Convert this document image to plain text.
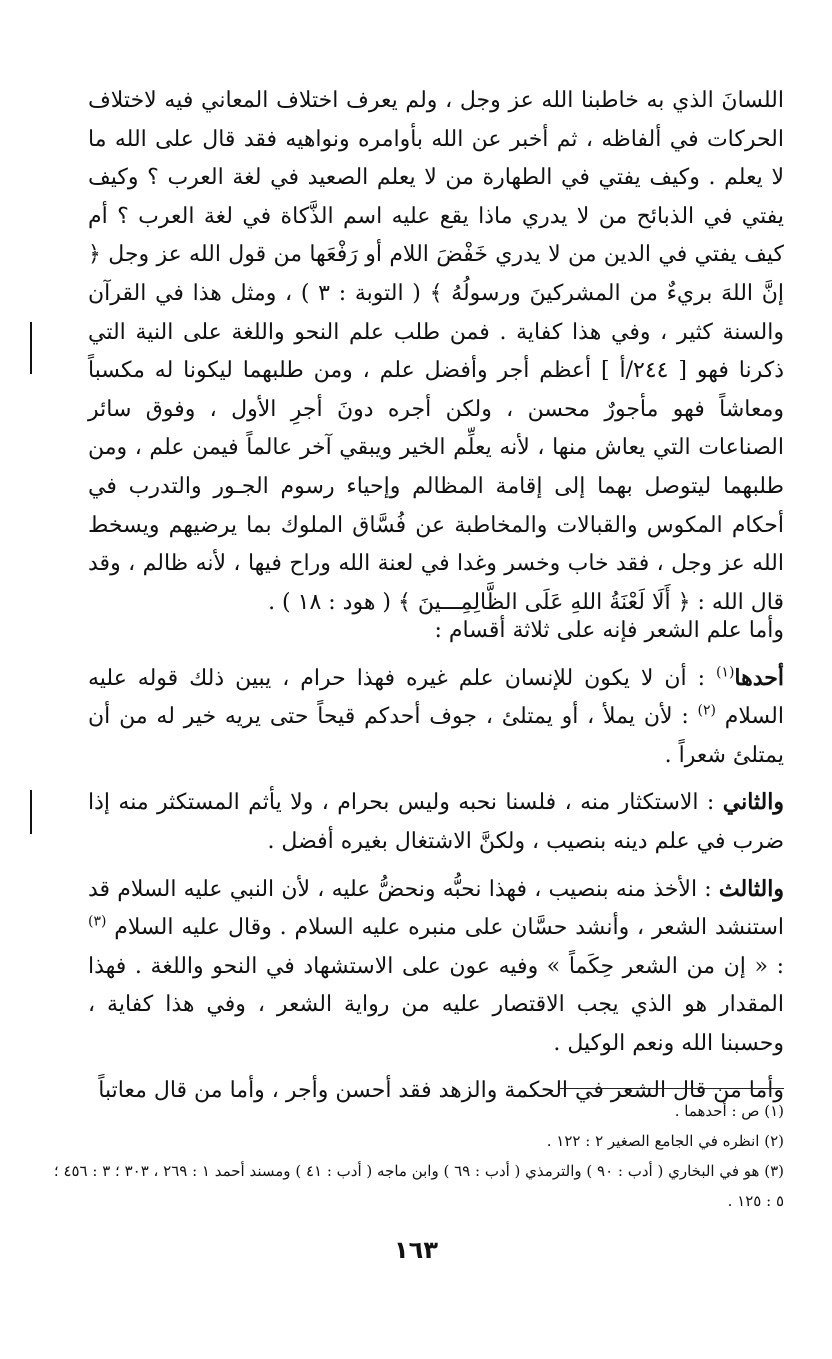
اللسانَ الذي به خاطبنا الله عز وجل ، ولم يعرف اختلاف المعاني فيه لاختلاف الحركات في ألفاظه ، ثم أخبر عن الله بأوامره ونواهيه فقد قال على الله ما لا يعلم . وكيف يفتي في الطهارة من لا يعلم الصعيد في لغة العرب ؟ وكيف يفتي في الذبائح من لا يدري ماذا يقع عليه اسم الذَّكاة في لغة العرب ؟ أم كيف يفتي في الدين من لا يدري خَفْضَ اللام أو رَفْعَها من قول الله عز وجل ﴿ إنَّ اللهَ بريءٌ من المشركينَ ورسولُهُ ﴾ ( التوبة : ٣ ) ، ومثل هذا في القرآن والسنة كثير ، وفي هذا كفاية . فمن طلب علم النحو واللغة على النية التي ذكرنا فهو [ ٢٤٤/أ ] أعظم أجر وأفضل علم ، ومن طلبهما ليكونا له مكسباً ومعاشاً فهو مأجورٌ محسن ، ولكن أجره دونَ أجرِ الأول ، وفوق سائر الصناعات التي يعاش منها ، لأنه يعلِّم الخير ويبقي آخر عالماً فيمن علم ، ومن طلبهما ليتوصل بهما إلى إقامة المظالم وإحياء رسوم الجـور والتدرب في أحكام المكوس والقبالات والمخاطبة عن فُسَّاق الملوك بما يرضيهم ويسخط الله عز وجل ، فقد خاب وخسر وغدا في لعنة الله وراح فيها ، لأنه ظالم ، وقد قال الله : ﴿ أَلَا لَعْنَةُ اللهِ عَلَى الظَّالِمِـــينَ ﴾ ( هود : ١٨ ) .

وأما علم الشعر فإنه على ثلاثة أقسام :

أحدها$^{(١)}$ : أن لا يكون للإنسان علم غيره فهذا حرام ، يبين ذلك قوله عليه السلام $^{(٢)}$ : لأن يملأ ، أو يمتلئ ، جوف أحدكم قيحاً حتى يريه خير له من أن يمتلئ شعراً .

والثاني : الاستكثار منه ، فلسنا نحبه وليس بحرام ، ولا يأثم المستكثر منه إذا ضرب في علم دينه بنصيب ، ولكنَّ الاشتغال بغيره أفضل .

والثالث : الأخذ منه بنصيب ، فهذا نحبُّه ونحضُّ عليه ، لأن النبي عليه السلام قد استنشد الشعر ، وأنشد حسَّان على منبره عليه السلام . وقال عليه السلام $^{(٣)}$ : « إن من الشعر حِكَماً » وفيه عون على الاستشهاد في النحو واللغة . فهذا المقدار هو الذي يجب الاقتصار عليه من رواية الشعر ، وفي هذا كفاية ، وحسبنا الله ونعم الوكيل .

وأما من قال الشعر في الحكمة والزهد فقد أحسن وأجر ، وأما من قال معاتباً

(١) ص : أحدهما .

(٢) انظره في الجامع الصغير ٢ : ١٢٢ .

(٣) هو في البخاري ( أدب : ٩٠ ) والترمذي ( أدب : ٦٩ ) وابن ماجه ( أدب : ٤١ ) ومسند أحمد ١ : ٢٦٩ ، ٣٠٣ ؛ ٣ : ٤٥٦ ؛ ٥ : ١٢٥ .

١٦٣
